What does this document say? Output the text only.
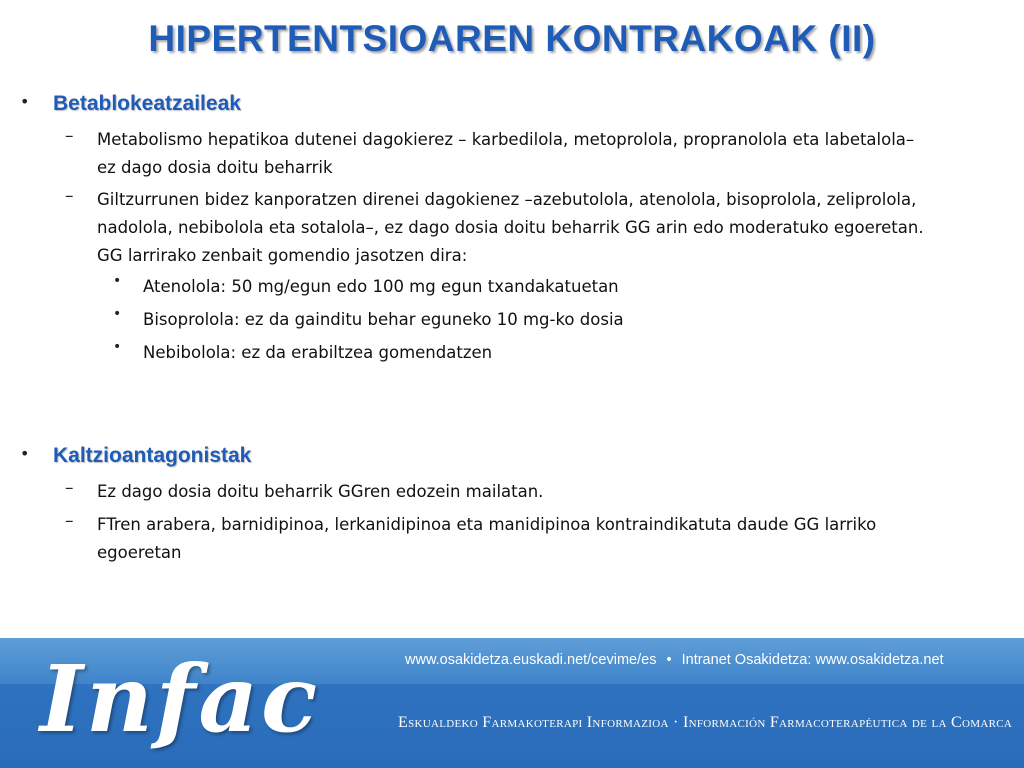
HIPERTENTSIOAREN KONTRAKOAK (II)
• Betablokeatzaileak
– Metabolismo hepatikoa dutenei dagokierez – karbedilola, metoprolola, propranolola eta labetalola– ez dago dosia doitu beharrik
– Giltzurrunen bidez kanporatzen direnei dagokienez –azebutolola, atenolola, bisoprolola, zeliprolola, nadolola, nebibolola eta sotalola–, ez dago dosia doitu beharrik GG arin edo moderatuko egoeretan. GG larrirako zenbait gomendio jasotzen dira:
• Atenolola: 50 mg/egun edo 100 mg egun txandakatuetan
• Bisoprolola: ez da gainditu behar eguneko 10 mg-ko dosia
• Nebibolola: ez da erabiltzea gomendatzen
• Kaltzioantagonistak
– Ez dago dosia doitu beharrik GGren edozein mailatan.
– FTren arabera, barnidipinoa, lerkanidipinoa eta manidipinoa kontraindikatuta daude GG larriko egoeretan
Infac	www.osakidetza.euskadi.net/cevime/es • Intranet Osakidetza: www.osakidetza.net
Eskualdeko Farmakoterapi Informazioa · Información Farmacoterapéutica de la Comarca
